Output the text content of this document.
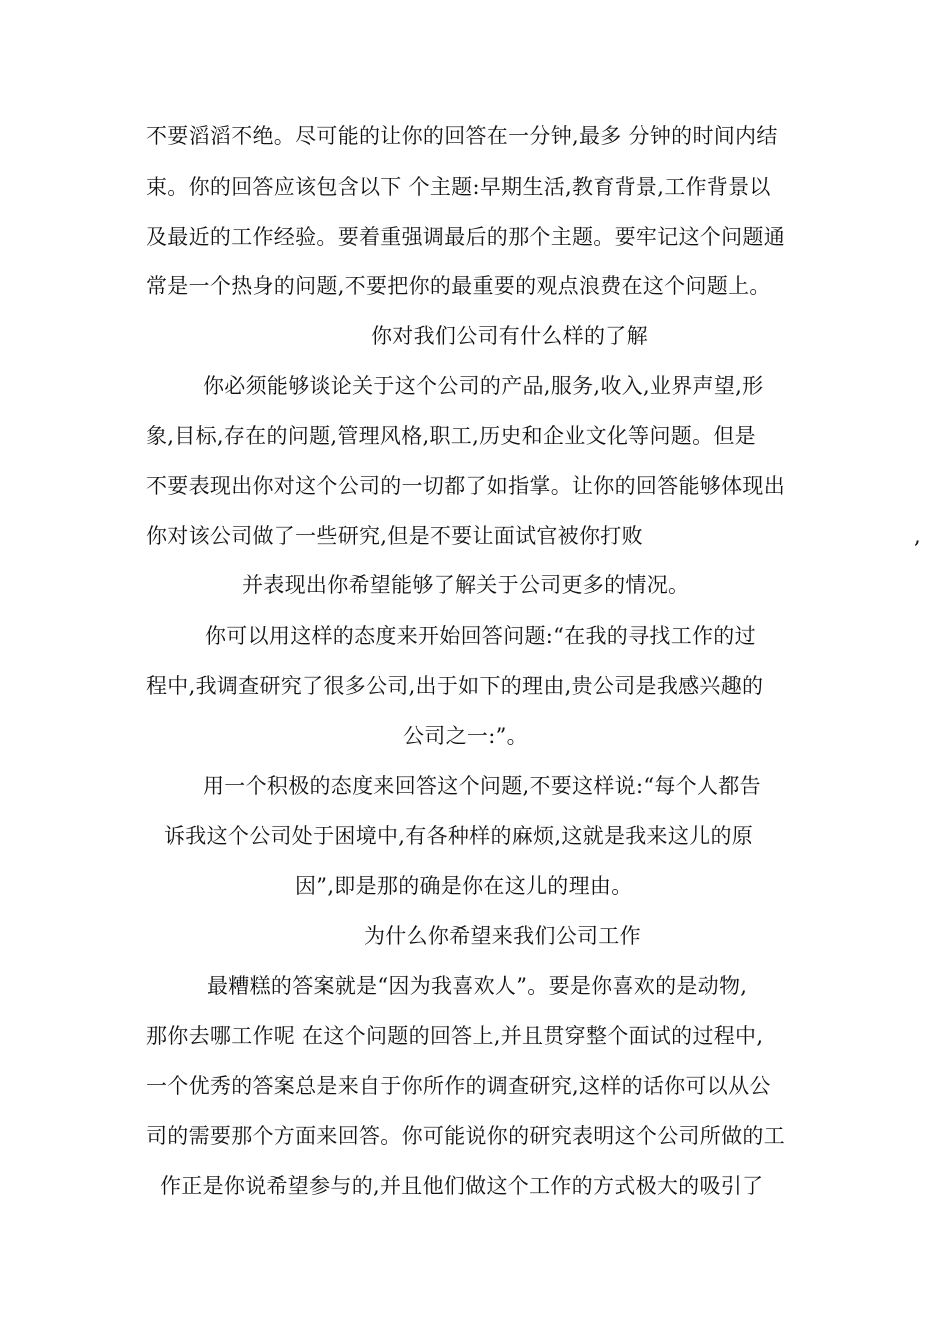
不要滔滔不绝。尽可能的让你的回答在一分钟,最多 分钟的时间内结
束。你的回答应该包含以下 个主题:早期生活,教育背景,工作背景以
及最近的工作经验。要着重强调最后的那个主题。要牢记这个问题通
常是一个热身的问题,不要把你的最重要的观点浪费在这个问题上。
你对我们公司有什么样的了解
你必须能够谈论关于这个公司的产品,服务,收入,业界声望,形
象,目标,存在的问题,管理风格,职工,历史和企业文化等问题。但是
不要表现出你对这个公司的一切都了如指掌。让你的回答能够体现出
你对该公司做了一些研究,但是不要让面试官被你打败	,
并表现出你希望能够了解关于公司更多的情况。
你可以用这样的态度来开始回答问题:“在我的寻找工作的过
程中,我调查研究了很多公司,出于如下的理由,贵公司是我感兴趣的
公司之一:”。
用一个积极的态度来回答这个问题,不要这样说:“每个人都告
诉我这个公司处于困境中,有各种样的麻烦,这就是我来这儿的原
因”,即是那的确是你在这儿的理由。
为什么你希望来我们公司工作
最糟糕的答案就是“因为我喜欢人”。要是你喜欢的是动物,
那你去哪工作呢 在这个问题的回答上,并且贯穿整个面试的过程中,
一个优秀的答案总是来自于你所作的调查研究,这样的话你可以从公
司的需要那个方面来回答。你可能说你的研究表明这个公司所做的工
作正是你说希望参与的,并且他们做这个工作的方式极大的吸引了
